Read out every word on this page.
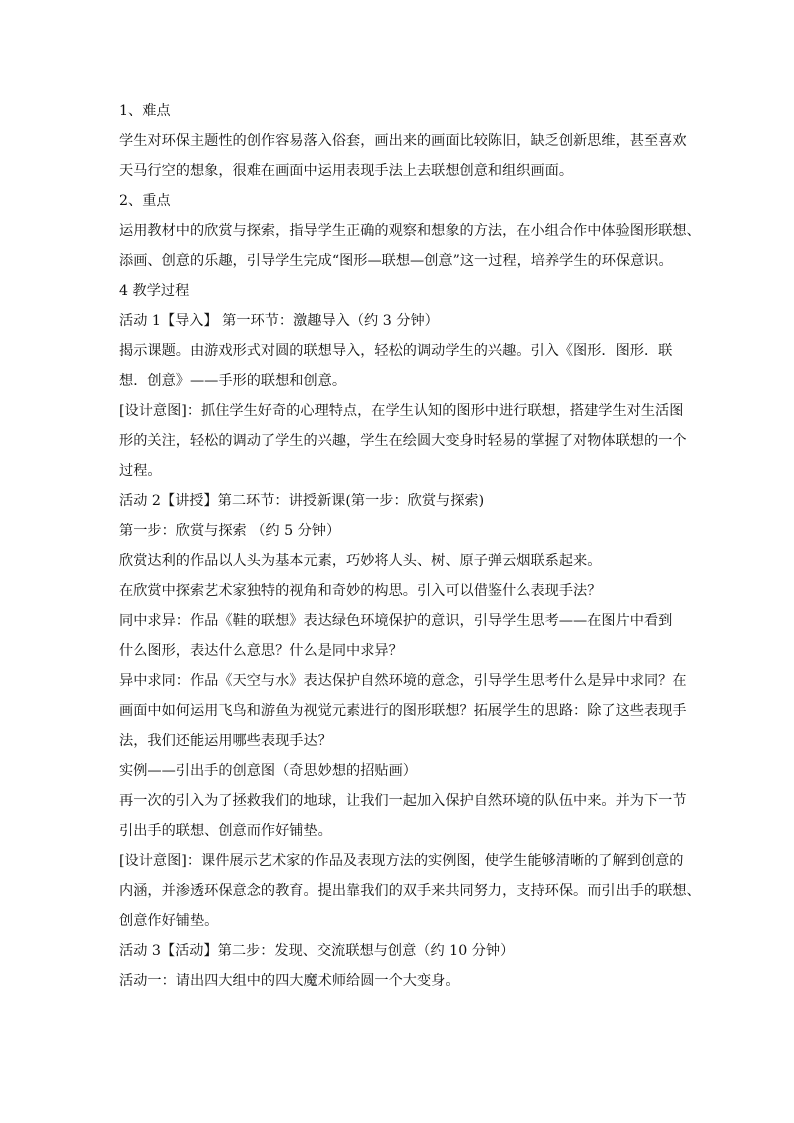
1、难点
学生对环保主题性的创作容易落入俗套，画出来的画面比较陈旧，缺乏创新思维，甚至喜欢
天马行空的想象，很难在画面中运用表现手法上去联想创意和组织画面。
2、重点
运用教材中的欣赏与探索，指导学生正确的观察和想象的方法，在小组合作中体验图形联想、
添画、创意的乐趣，引导学生完成“图形—联想—创意”这一过程，培养学生的环保意识。
4 教学过程
活动 1【导入】 第一环节：激趣导入（约 3 分钟）
揭示课题。由游戏形式对圆的联想导入，轻松的调动学生的兴趣。引入《图形．图形．联
想．创意》——手形的联想和创意。
[设计意图]：抓住学生好奇的心理特点，在学生认知的图形中进行联想，搭建学生对生活图
形的关注，轻松的调动了学生的兴趣，学生在绘圆大变身时轻易的掌握了对物体联想的一个
过程。
活动 2【讲授】第二环节：讲授新课(第一步：欣赏与探索)
第一步：欣赏与探索 （约 5 分钟）
欣赏达利的作品以人头为基本元素，巧妙将人头、树、原子弹云烟联系起来。
在欣赏中探索艺术家独特的视角和奇妙的构思。引入可以借鉴什么表现手法？
同中求异：作品《鞋的联想》表达绿色环境保护的意识，引导学生思考——在图片中看到
什么图形，表达什么意思？什么是同中求异？
异中求同：作品《天空与水》表达保护自然环境的意念，引导学生思考什么是异中求同？在
画面中如何运用飞鸟和游鱼为视觉元素进行的图形联想？拓展学生的思路：除了这些表现手
法，我们还能运用哪些表现手达？
实例——引出手的创意图（奇思妙想的招贴画）
再一次的引入为了拯救我们的地球，让我们一起加入保护自然环境的队伍中来。并为下一节
引出手的联想、创意而作好铺垫。
[设计意图]：课件展示艺术家的作品及表现方法的实例图，使学生能够清晰的了解到创意的
内涵，并渗透环保意念的教育。提出靠我们的双手来共同努力，支持环保。而引出手的联想、
创意作好铺垫。
活动 3【活动】第二步：发现、交流联想与创意（约 10 分钟）
活动一：请出四大组中的四大魔术师给圆一个大变身。
